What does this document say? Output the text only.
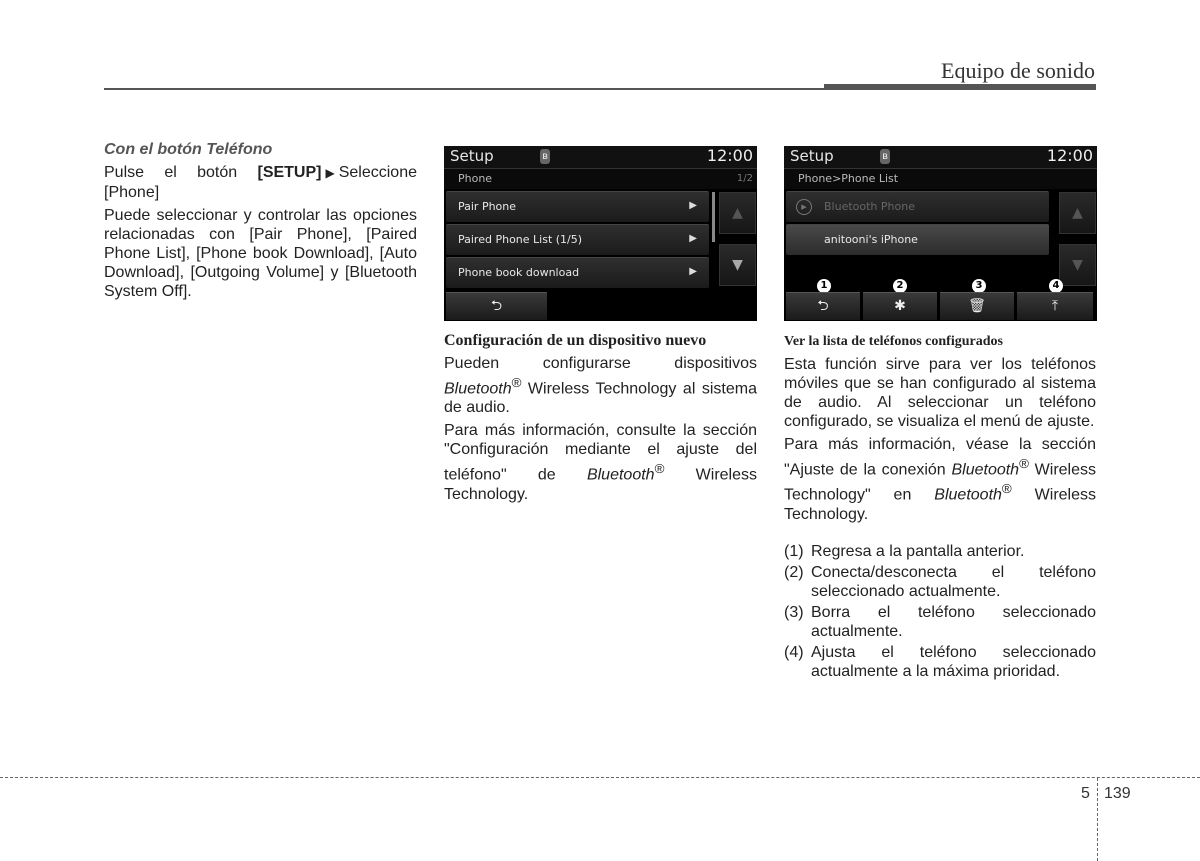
Equipo de sonido

Con el botón Teléfono

Pulse el botón [SETUP] ▶ Seleccione [Phone]

Puede seleccionar y controlar las opciones relacionadas con [Pair Phone], [Paired Phone List], [Phone book Download], [Auto Download], [Outgoing Volume] y [Bluetooth System Off].

Setup	ʙ	12:00
Phone	1/2
Pair Phone	▶
Paired Phone List (1/5)	▶
Phone book download	▶
▲
▼
⮌
Setup	ʙ	12:00
Phone>Phone List
▶	Bluetooth Phone
anitooni's iPhone
▲
▼
1	2	3	4
⮌	✱	🗑	⤒

Configuración de un dispositivo nuevo

Pueden configurarse dispositivos Bluetooth® Wireless Technology al sistema de audio.

Para más información, consulte la sección "Configuración mediante el ajuste del teléfono" de Bluetooth® Wireless Technology.

Ver la lista de teléfonos configurados

Esta función sirve para ver los teléfonos móviles que se han configurado al sistema de audio. Al seleccionar un teléfono configurado, se visualiza el menú de ajuste.

Para más información, véase la sección "Ajuste de la conexión Bluetooth® Wireless Technology" en Bluetooth® Wireless Technology.

(1) Regresa a la pantalla anterior.
(2) Conecta/desconecta el teléfono seleccionado actualmente.
(3) Borra el teléfono seleccionado actualmente.
(4) Ajusta el teléfono seleccionado actualmente a la máxima prioridad.
5 139
